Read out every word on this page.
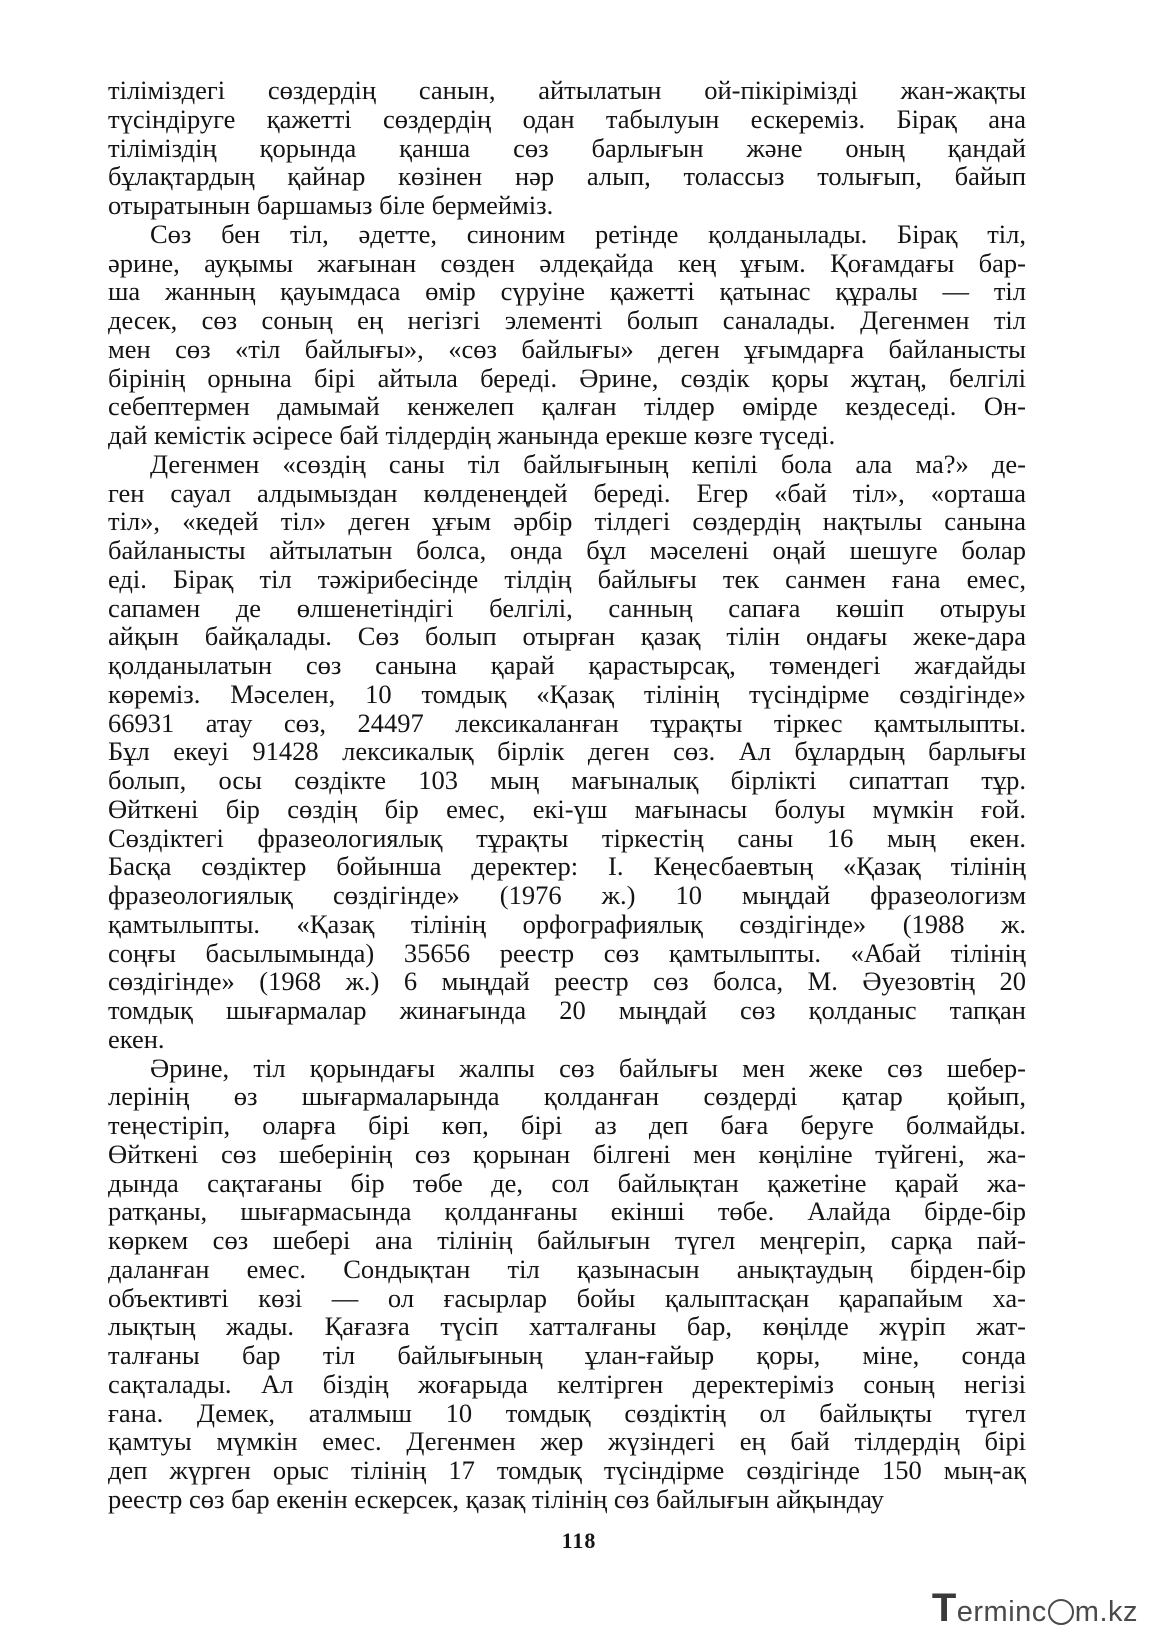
тіліміздегі сөздердің санын, айтылатын ой-пікірімізді жан-жақты
түсіндіруге қажетті сөздердің одан табылуын ескереміз. Бірақ ана
тіліміздің қорында қанша сөз барлығын және оның қандай
бұлақтардың қайнар көзінен нәр алып, толассыз толығып, байып
отыратынын баршамыз біле бермейміз.
Сөз бен тіл, әдетте, синоним ретінде қолданылады. Бірақ тіл,
әрине, ауқымы жағынан сөзден әлдеқайда кең ұғым. Қоғамдағы бар-
ша жанның қауымдаса өмір сүруіне қажетті қатынас құралы — тіл
десек, сөз соның ең негізгі элементі болып саналады. Дегенмен тіл
мен сөз «тіл байлығы», «сөз байлығы» деген ұғымдарға байланысты
бірінің орнына бірі айтыла береді. Әрине, сөздік қоры жұтаң, белгілі
себептермен дамымай кенжелеп қалған тілдер өмірде кездеседі. Он-
дай кемістік әсіресе бай тілдердің жанында ерекше көзге түседі.
Дегенмен «сөздің саны тіл байлығының кепілі бола ала ма?» де-
ген сауал алдымыздан көлденеңдей береді. Егер «бай тіл», «орташа
тіл», «кедей тіл» деген ұғым әрбір тілдегі сөздердің нақтылы санына
байланысты айтылатын болса, онда бұл мәселені оңай шешуге болар
еді. Бірақ тіл тәжірибесінде тілдің байлығы тек санмен ғана емес,
сапамен де өлшенетіндігі белгілі, санның сапаға көшіп отыруы
айқын байқалады. Сөз болып отырған қазақ тілін ондағы жеке-дара
қолданылатын сөз санына қарай қарастырсақ, төмендегі жағдайды
көреміз. Мәселен, 10 томдық «Қазақ тілінің түсіндірме сөздігінде»
66931 атау сөз, 24497 лексикаланған тұрақты тіркес қамтылыпты.
Бұл екеуі 91428 лексикалық бірлік деген сөз. Ал бұлардың барлығы
болып, осы сөздікте 103 мың мағыналық бірлікті сипаттап тұр.
Өйткені бір сөздің бір емес, екі-үш мағынасы болуы мүмкін ғой.
Сөздіктегі фразеологиялық тұрақты тіркестің саны 16 мың екен.
Басқа сөздіктер бойынша деректер: І. Кеңесбаевтың «Қазақ тілінің
фразеологиялық сөздігінде» (1976 ж.) 10 мыңдай фразеологизм
қамтылыпты. «Қазақ тілінің орфографиялық сөздігінде» (1988 ж.
соңғы басылымында) 35656 реестр сөз қамтылыпты. «Абай тілінің
сөздігінде» (1968 ж.) 6 мыңдай реестр сөз болса, М. Әуезовтің 20
томдық шығармалар жинағында 20 мыңдай сөз қолданыс тапқан
екен.
Әрине, тіл қорындағы жалпы сөз байлығы мен жеке сөз шебер-
лерінің өз шығармаларында қолданған сөздерді қатар қойып,
теңестіріп, оларға бірі көп, бірі аз деп баға беруге болмайды.
Өйткені сөз шеберінің сөз қорынан білгені мен көңіліне түйгені, жа-
дында сақтағаны бір төбе де, сол байлықтан қажетіне қарай жа-
ратқаны, шығармасында қолданғаны екінші төбе. Алайда бірде-бір
көркем сөз шебері ана тілінің байлығын түгел меңгеріп, сарқа пай-
даланған емес. Сондықтан тіл қазынасын анықтаудың бірден-бір
объективті көзі — ол ғасырлар бойы қалыптасқан қарапайым ха-
лықтың жады. Қағазға түсіп хатталғаны бар, көңілде жүріп жат-
талғаны бар тіл байлығының ұлан-ғайыр қоры, міне, сонда
сақталады. Ал біздің жоғарыда келтірген деректеріміз соның негізі
ғана. Демек, аталмыш 10 томдық сөздіктің ол байлықты түгел
қамтуы мүмкін емес. Дегенмен жер жүзіндегі ең бай тілдердің бірі
деп жүрген орыс тілінің 17 томдық түсіндірме сөздігінде 150 мың-ақ
реестр сөз бар екенін ескерсек, қазақ тілінің сөз байлығын айқындау
118
Terminc m.kz
